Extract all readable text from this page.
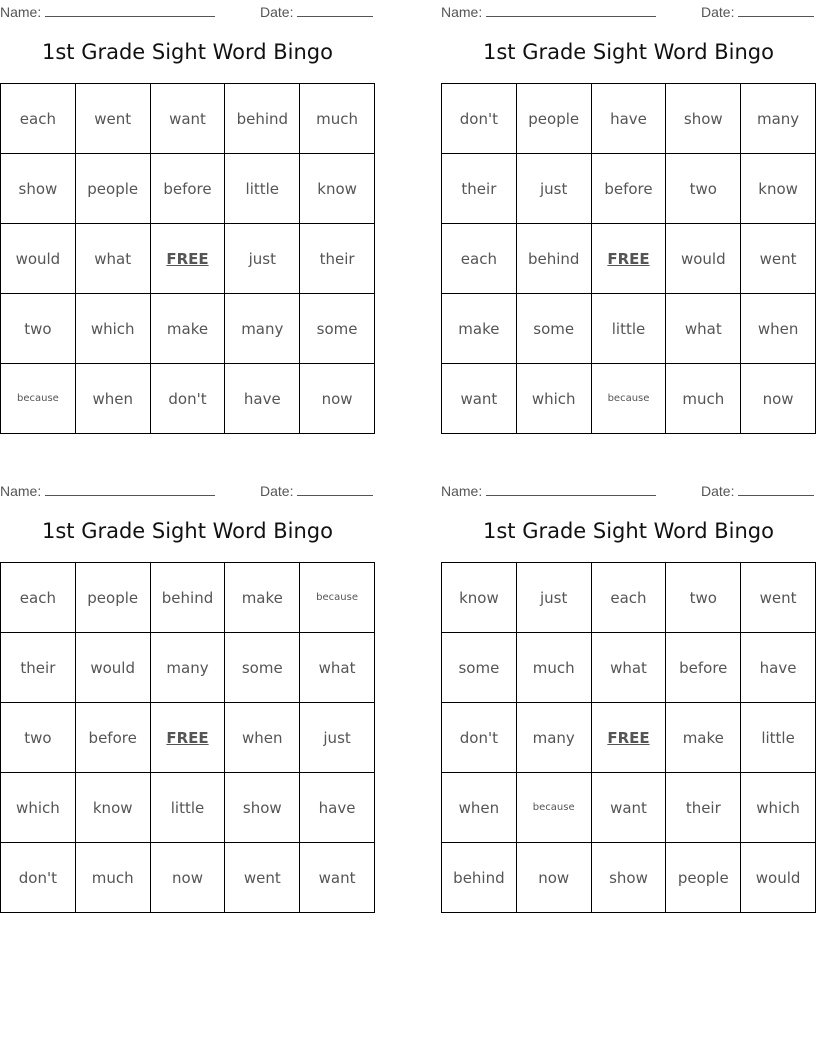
Name:	Date:
1st Grade Sight Word Bingo
each	went	want	behind	much
show	people	before	little	know
would	what	FREE	just	their
two	which	make	many	some
because	when	don't	have	now
Name:	Date:
1st Grade Sight Word Bingo
don't	people	have	show	many
their	just	before	two	know
each	behind	FREE	would	went
make	some	little	what	when
want	which	because	much	now
Name:	Date:
1st Grade Sight Word Bingo
each	people	behind	make	because
their	would	many	some	what
two	before	FREE	when	just
which	know	little	show	have
don't	much	now	went	want
Name:	Date:
1st Grade Sight Word Bingo
know	just	each	two	went
some	much	what	before	have
don't	many	FREE	make	little
when	because	want	their	which
behind	now	show	people	would
